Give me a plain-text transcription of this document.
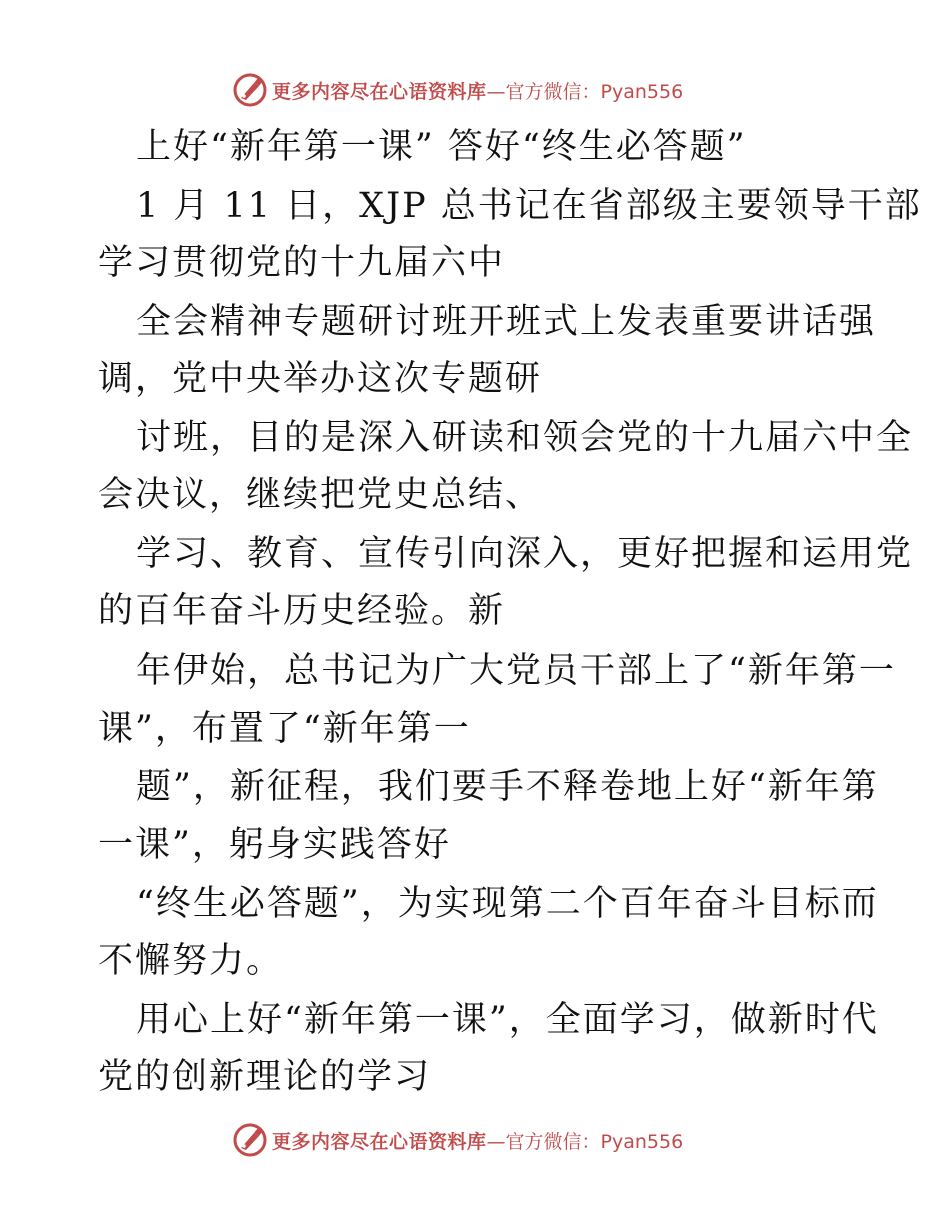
更多内容尽在心语资料库 —官方微信：Pyan556
上好“新年第一课” 答好“终生必答题”
1 月 11 日，XJP 总书记在省部级主要领导干部
学习贯彻党的十九届六中
全会精神专题研讨班开班式上发表重要讲话强
调，党中央举办这次专题研
讨班，目的是深入研读和领会党的十九届六中全
会决议，继续把党史总结、
学习、教育、宣传引向深入，更好把握和运用党
的百年奋斗历史经验。新
年伊始，总书记为广大党员干部上了“新年第一
课”，布置了“新年第一
题”，新征程，我们要手不释卷地上好“新年第
一课”，躬身实践答好
“终生必答题”，为实现第二个百年奋斗目标而
不懈努力。
用心上好“新年第一课”，全面学习，做新时代
党的创新理论的学习
更多内容尽在心语资料库 —官方微信：Pyan556
